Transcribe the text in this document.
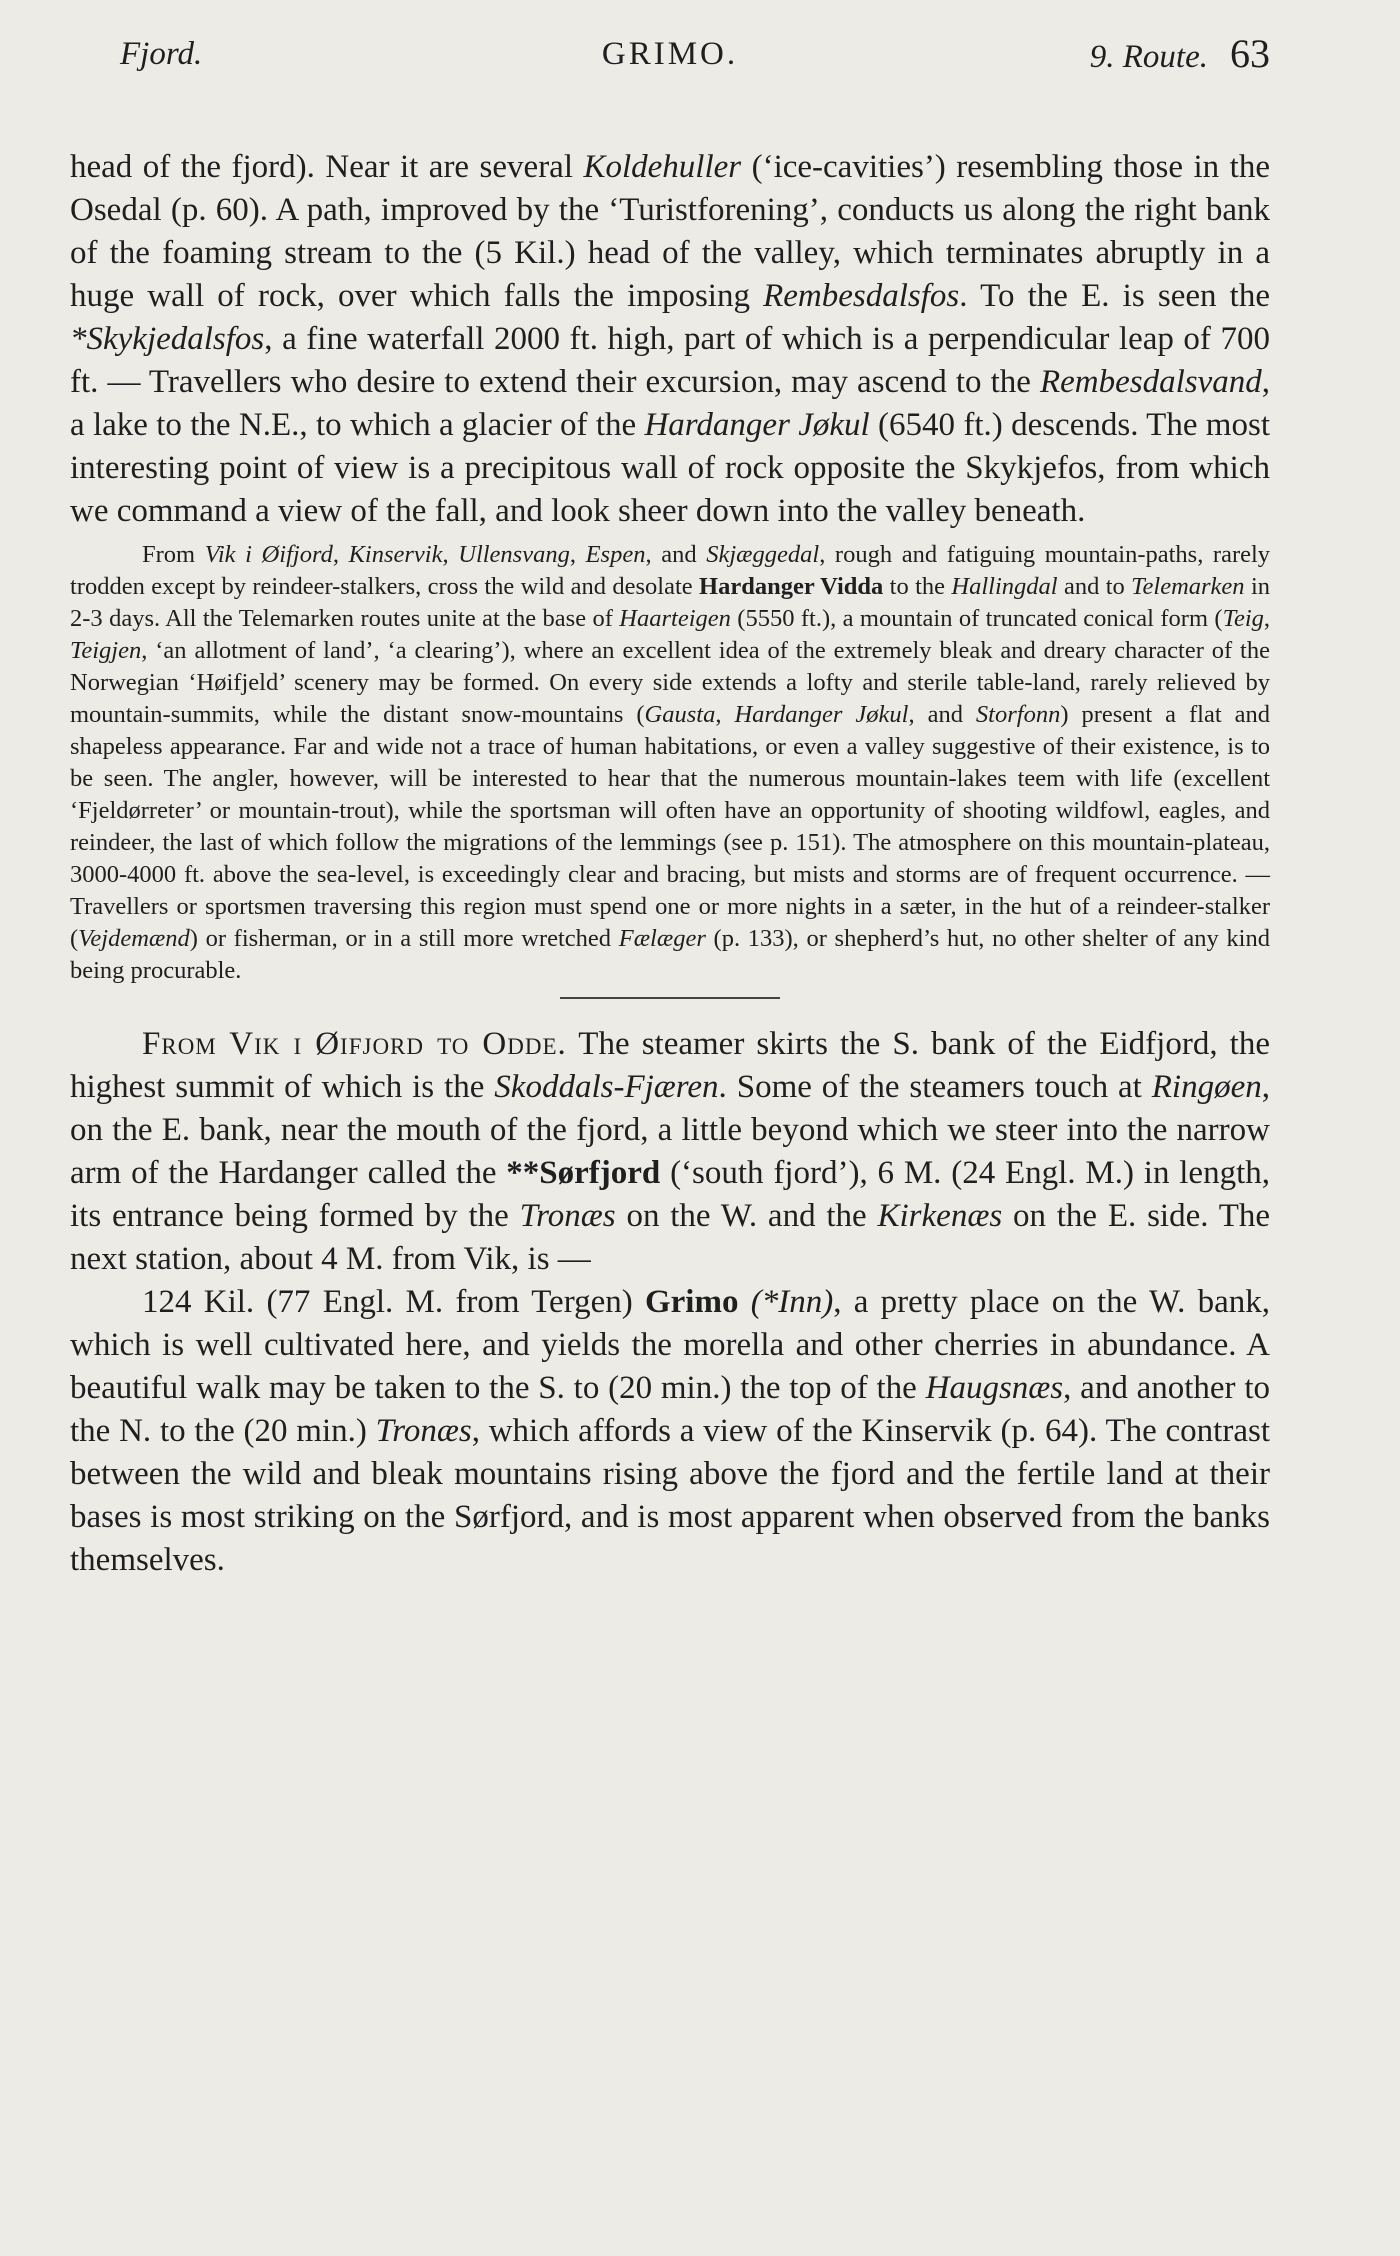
Fjord.	GRIMO.	9. Route. 63

head of the fjord). Near it are several Koldehuller (‘ice-cavities’) resembling those in the Osedal (p. 60). A path, improved by the ‘Turistforening’, conducts us along the right bank of the foaming stream to the (5 Kil.) head of the valley, which terminates abruptly in a huge wall of rock, over which falls the imposing Rembesdalsfos. To the E. is seen the *Skykjedalsfos, a fine waterfall 2000 ft. high, part of which is a perpendicular leap of 700 ft. — Travellers who desire to extend their excursion, may ascend to the Rembesdalsvand, a lake to the N.E., to which a glacier of the Hardanger Jøkul (6540 ft.) descends. The most interesting point of view is a precipitous wall of rock opposite the Skykjefos, from which we command a view of the fall, and look sheer down into the valley beneath.

From Vik i Øifjord, Kinservik, Ullensvang, Espen, and Skjæggedal, rough and fatiguing mountain-paths, rarely trodden except by reindeer-stalkers, cross the wild and desolate Hardanger Vidda to the Hallingdal and to Telemarken in 2-3 days. All the Telemarken routes unite at the base of Haarteigen (5550 ft.), a mountain of truncated conical form (Teig, Teigjen, ‘an allotment of land’, ‘a clearing’), where an excellent idea of the extremely bleak and dreary character of the Norwegian ‘Høifjeld’ scenery may be formed. On every side extends a lofty and sterile table-land, rarely relieved by mountain-summits, while the distant snow-mountains (Gausta, Hardanger Jøkul, and Storfonn) present a flat and shapeless appearance. Far and wide not a trace of human habitations, or even a valley suggestive of their existence, is to be seen. The angler, however, will be interested to hear that the numerous mountain-lakes teem with life (excellent ‘Fjeldørreter’ or mountain-trout), while the sportsman will often have an opportunity of shooting wildfowl, eagles, and reindeer, the last of which follow the migrations of the lemmings (see p. 151). The atmosphere on this mountain-plateau, 3000-4000 ft. above the sea-level, is exceedingly clear and bracing, but mists and storms are of frequent occurrence. — Travellers or sportsmen traversing this region must spend one or more nights in a sæter, in the hut of a reindeer-stalker (Vejdemænd) or fisherman, or in a still more wretched Fælæger (p. 133), or shepherd’s hut, no other shelter of any kind being procurable.

From Vik i Øifjord to Odde. The steamer skirts the S. bank of the Eidfjord, the highest summit of which is the Skoddals-Fjæren. Some of the steamers touch at Ringøen, on the E. bank, near the mouth of the fjord, a little beyond which we steer into the narrow arm of the Hardanger called the **Sørfjord (‘south fjord’), 6 M. (24 Engl. M.) in length, its entrance being formed by the Tronæs on the W. and the Kirkenæs on the E. side. The next station, about 4 M. from Vik, is —

124 Kil. (77 Engl. M. from Tergen) Grimo (*Inn), a pretty place on the W. bank, which is well cultivated here, and yields the morella and other cherries in abundance. A beautiful walk may be taken to the S. to (20 min.) the top of the Haugsnæs, and another to the N. to the (20 min.) Tronæs, which affords a view of the Kinservik (p. 64). The contrast between the wild and bleak mountains rising above the fjord and the fertile land at their bases is most striking on the Sørfjord, and is most apparent when observed from the banks themselves.
